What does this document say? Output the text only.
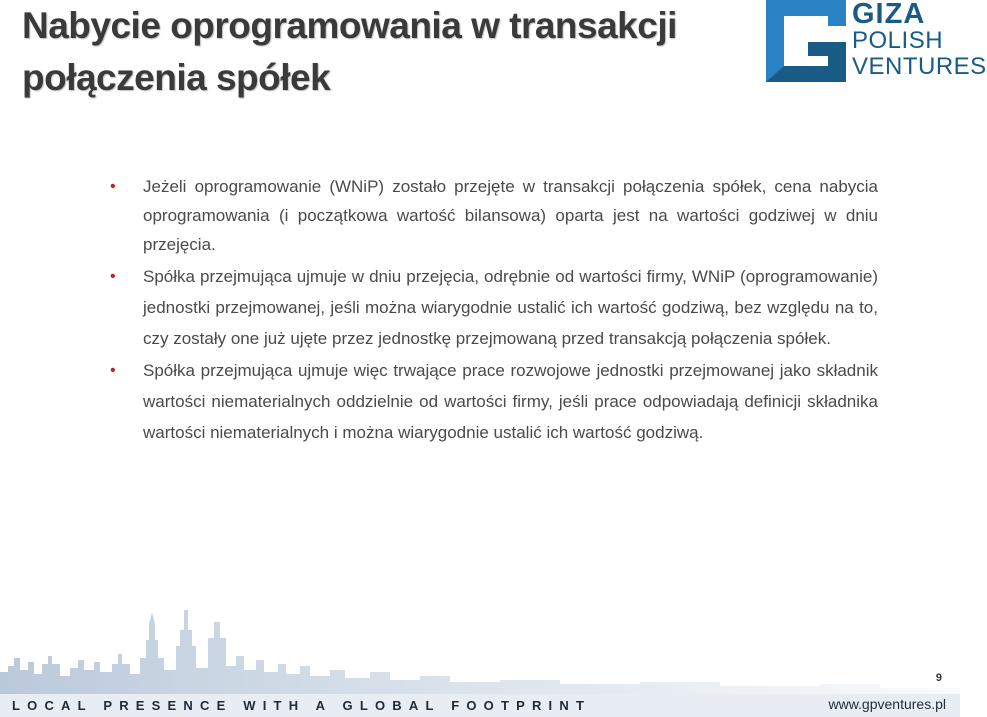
Nabycie oprogramowania w transakcji połączenia spółek
GIZA
POLISH
VENTURES
• Jeżeli oprogramowanie (WNiP) zostało przejęte w transakcji połączenia spółek, cena nabycia oprogramowania (i początkowa wartość bilansowa) oparta jest na wartości godziwej w dniu przejęcia.
• Spółka przejmująca ujmuje w dniu przejęcia, odrębnie od wartości firmy, WNiP (oprogramowanie) jednostki przejmowanej, jeśli można wiarygodnie ustalić ich wartość godziwą, bez względu na to, czy zostały one już ujęte przez jednostkę przejmowaną przed transakcją połączenia spółek.
• Spółka przejmująca ujmuje więc trwające prace rozwojowe jednostki przejmowanej jako składnik wartości niematerialnych oddzielnie od wartości firmy, jeśli prace odpowiadają definicji składnika wartości niematerialnych i można wiarygodnie ustalić ich wartość godziwą.
9
LOCAL PRESENCE WITH A GLOBAL FOOTPRINT	www.gpventures.pl
